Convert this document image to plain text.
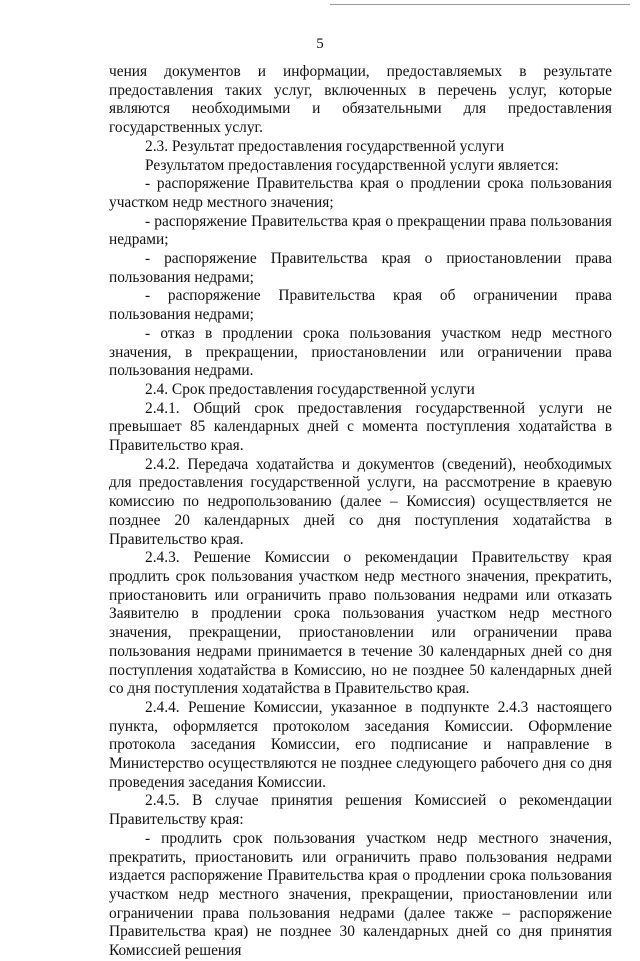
5

чения документов и информации, предоставляемых в результате предоставления таких услуг, включенных в перечень услуг, которые являются необходимыми и обязательными для предоставления государственных услуг.

2.3. Результат предоставления государственной услуги

Результатом предоставления государственной услуги является:

- распоряжение Правительства края о продлении срока пользования участком недр местного значения;

- распоряжение Правительства края о прекращении права пользования недрами;

- распоряжение Правительства края о приостановлении права пользования недрами;

- распоряжение Правительства края об ограничении права пользования недрами;

- отказ в продлении срока пользования участком недр местного значения, в прекращении, приостановлении или ограничении права пользования недрами.

2.4. Срок предоставления государственной услуги

2.4.1. Общий срок предоставления государственной услуги не превышает 85 календарных дней с момента поступления ходатайства в Правительство края.

2.4.2. Передача ходатайства и документов (сведений), необходимых для предоставления государственной услуги, на рассмотрение в краевую комиссию по недропользованию (далее – Комиссия) осуществляется не позднее 20 календарных дней со дня поступления ходатайства в Правительство края.

2.4.3. Решение Комиссии о рекомендации Правительству края продлить срок пользования участком недр местного значения, прекратить, приостановить или ограничить право пользования недрами или отказать Заявителю в продлении срока пользования участком недр местного значения, прекращении, приостановлении или ограничении права пользования недрами принимается в течение 30 календарных дней со дня поступления ходатайства в Комиссию, но не позднее 50 календарных дней со дня поступления ходатайства в Правительство края.

2.4.4. Решение Комиссии, указанное в подпункте 2.4.3 настоящего пункта, оформляется протоколом заседания Комиссии. Оформление протокола заседания Комиссии, его подписание и направление в Министерство осуществляются не позднее следующего рабочего дня со дня проведения заседания Комиссии.

2.4.5. В случае принятия решения Комиссией о рекомендации Правительству края:

- продлить срок пользования участком недр местного значения, прекратить, приостановить или ограничить право пользования недрами издается распоряжение Правительства края о продлении срока пользования участком недр местного значения, прекращении, приостановлении или ограничении права пользования недрами (далее также – распоряжение Правительства края) не позднее 30 календарных дней со дня принятия Комиссией решения
